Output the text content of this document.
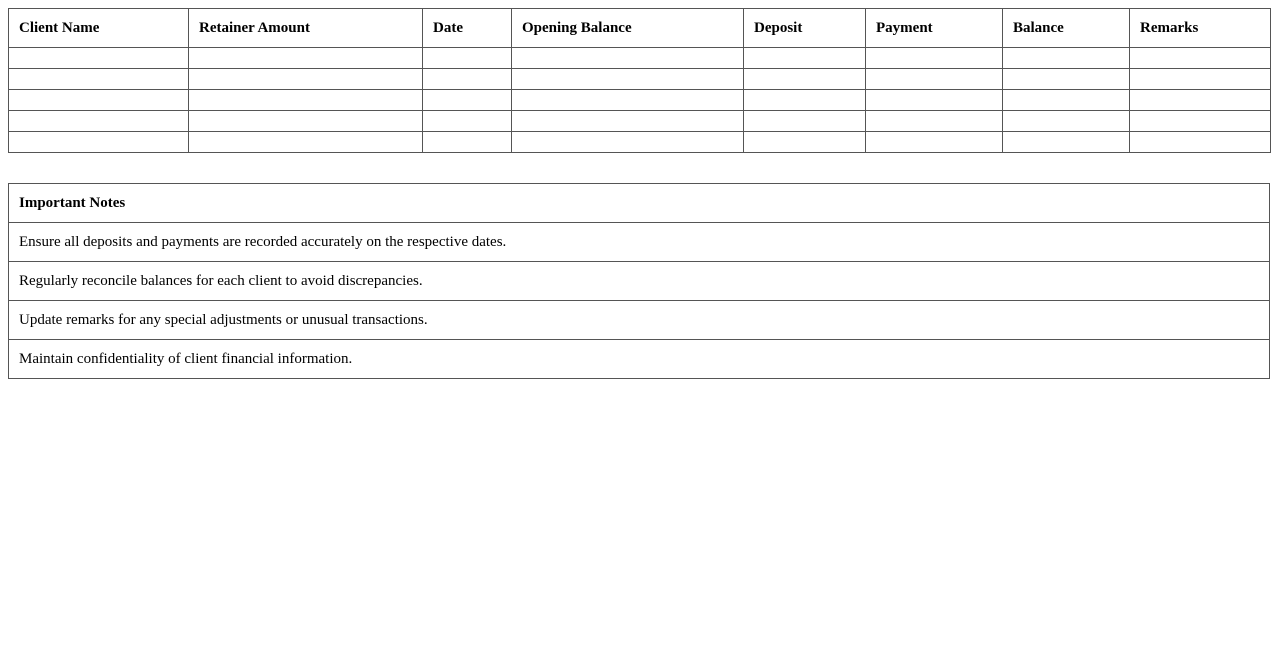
Client Name	Retainer Amount	Date	Opening Balance	Deposit	Payment	Balance	Remarks

Important Notes
Ensure all deposits and payments are recorded accurately on the respective dates.
Regularly reconcile balances for each client to avoid discrepancies.
Update remarks for any special adjustments or unusual transactions.
Maintain confidentiality of client financial information.
